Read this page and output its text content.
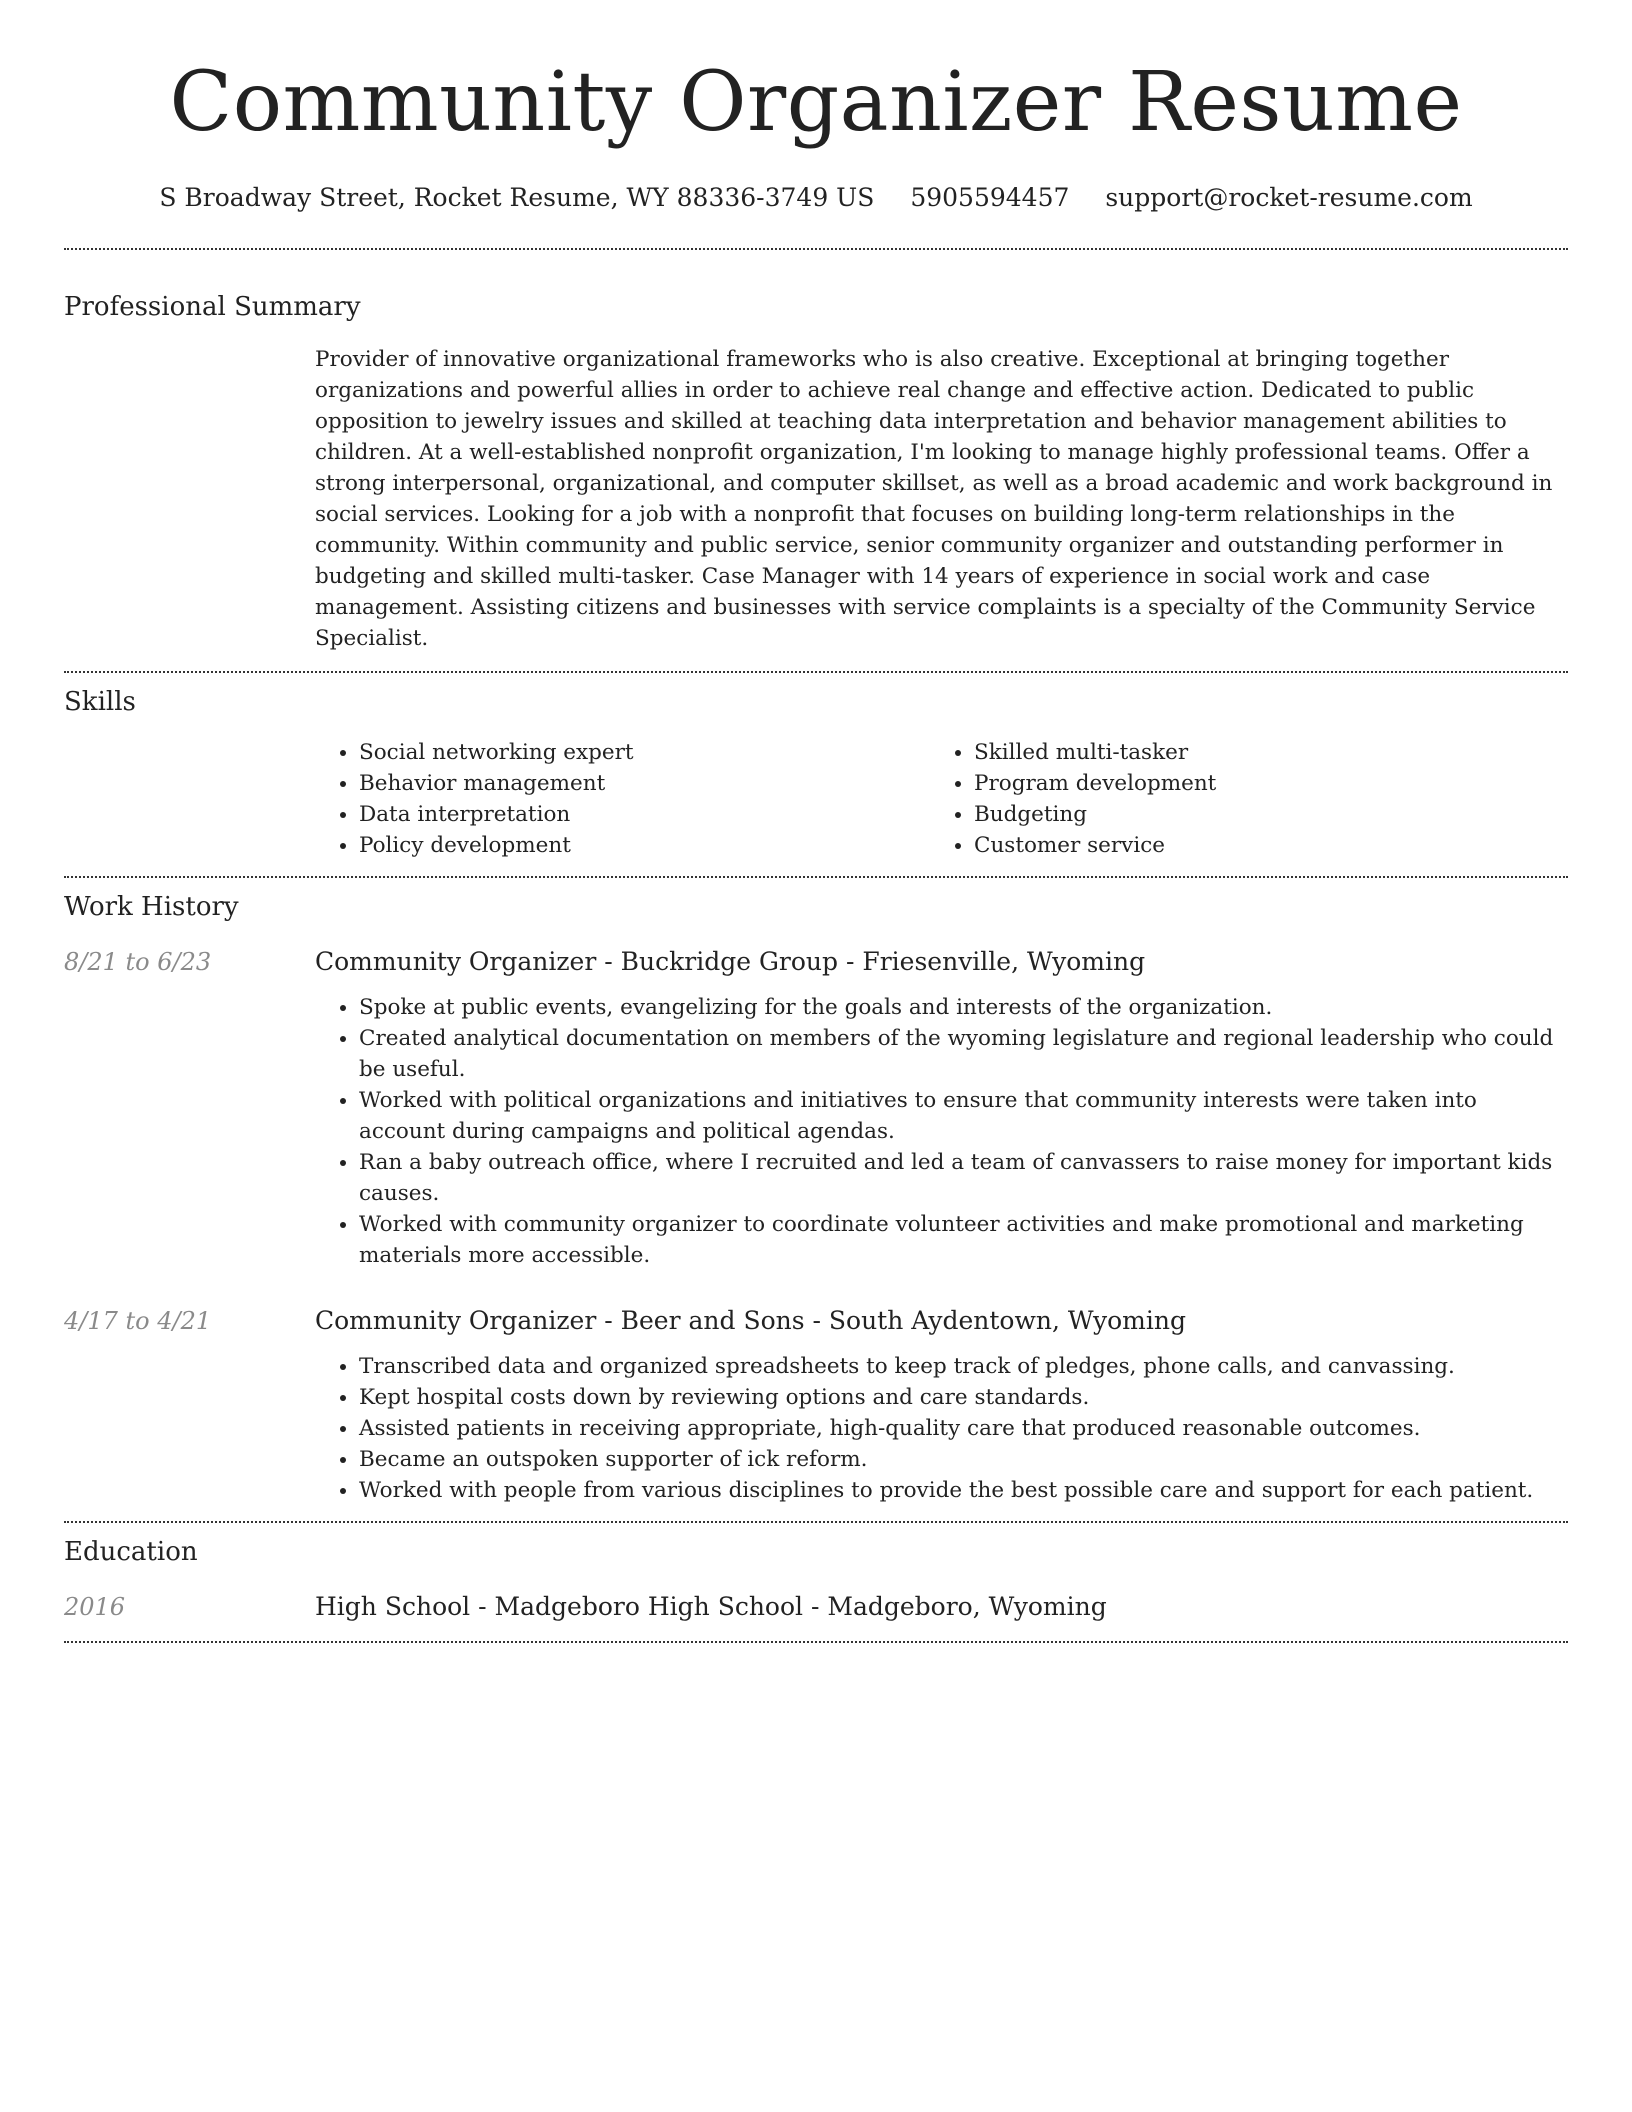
Community Organizer Resume
S Broadway Street, Rocket Resume, WY 88336-3749 US 5905594457 support@rocket-resume.com
Professional Summary

Provider of innovative organizational frameworks who is also creative. Exceptional at bringing together organizations and powerful allies in order to achieve real change and effective action. Dedicated to public opposition to jewelry issues and skilled at teaching data interpretation and behavior management abilities to children. At a well-established nonprofit organization, I'm looking to manage highly professional teams. Offer a strong interpersonal, organizational, and computer skillset, as well as a broad academic and work background in social services. Looking for a job with a nonprofit that focuses on building long-term relationships in the community. Within community and public service, senior community organizer and outstanding performer in budgeting and skilled multi-tasker. Case Manager with 14 years of experience in social work and case management. Assisting citizens and businesses with service complaints is a specialty of the Community Service Specialist.

Skills
• Social networking expert
• Behavior management
• Data interpretation
• Policy development
• Skilled multi-tasker
• Program development
• Budgeting
• Customer service
Work History
8/21 to 6/23	Community Organizer - Buckridge Group - Friesenville, Wyoming
• Spoke at public events, evangelizing for the goals and interests of the organization.
• Created analytical documentation on members of the wyoming legislature and regional leadership who could be useful.
• Worked with political organizations and initiatives to ensure that community interests were taken into account during campaigns and political agendas.
• Ran a baby outreach office, where I recruited and led a team of canvassers to raise money for important kids causes.
• Worked with community organizer to coordinate volunteer activities and make promotional and marketing materials more accessible.
4/17 to 4/21	Community Organizer - Beer and Sons - South Aydentown, Wyoming
• Transcribed data and organized spreadsheets to keep track of pledges, phone calls, and canvassing.
• Kept hospital costs down by reviewing options and care standards.
• Assisted patients in receiving appropriate, high-quality care that produced reasonable outcomes.
• Became an outspoken supporter of ick reform.
• Worked with people from various disciplines to provide the best possible care and support for each patient.
Education
2016	High School - Madgeboro High School - Madgeboro, Wyoming
